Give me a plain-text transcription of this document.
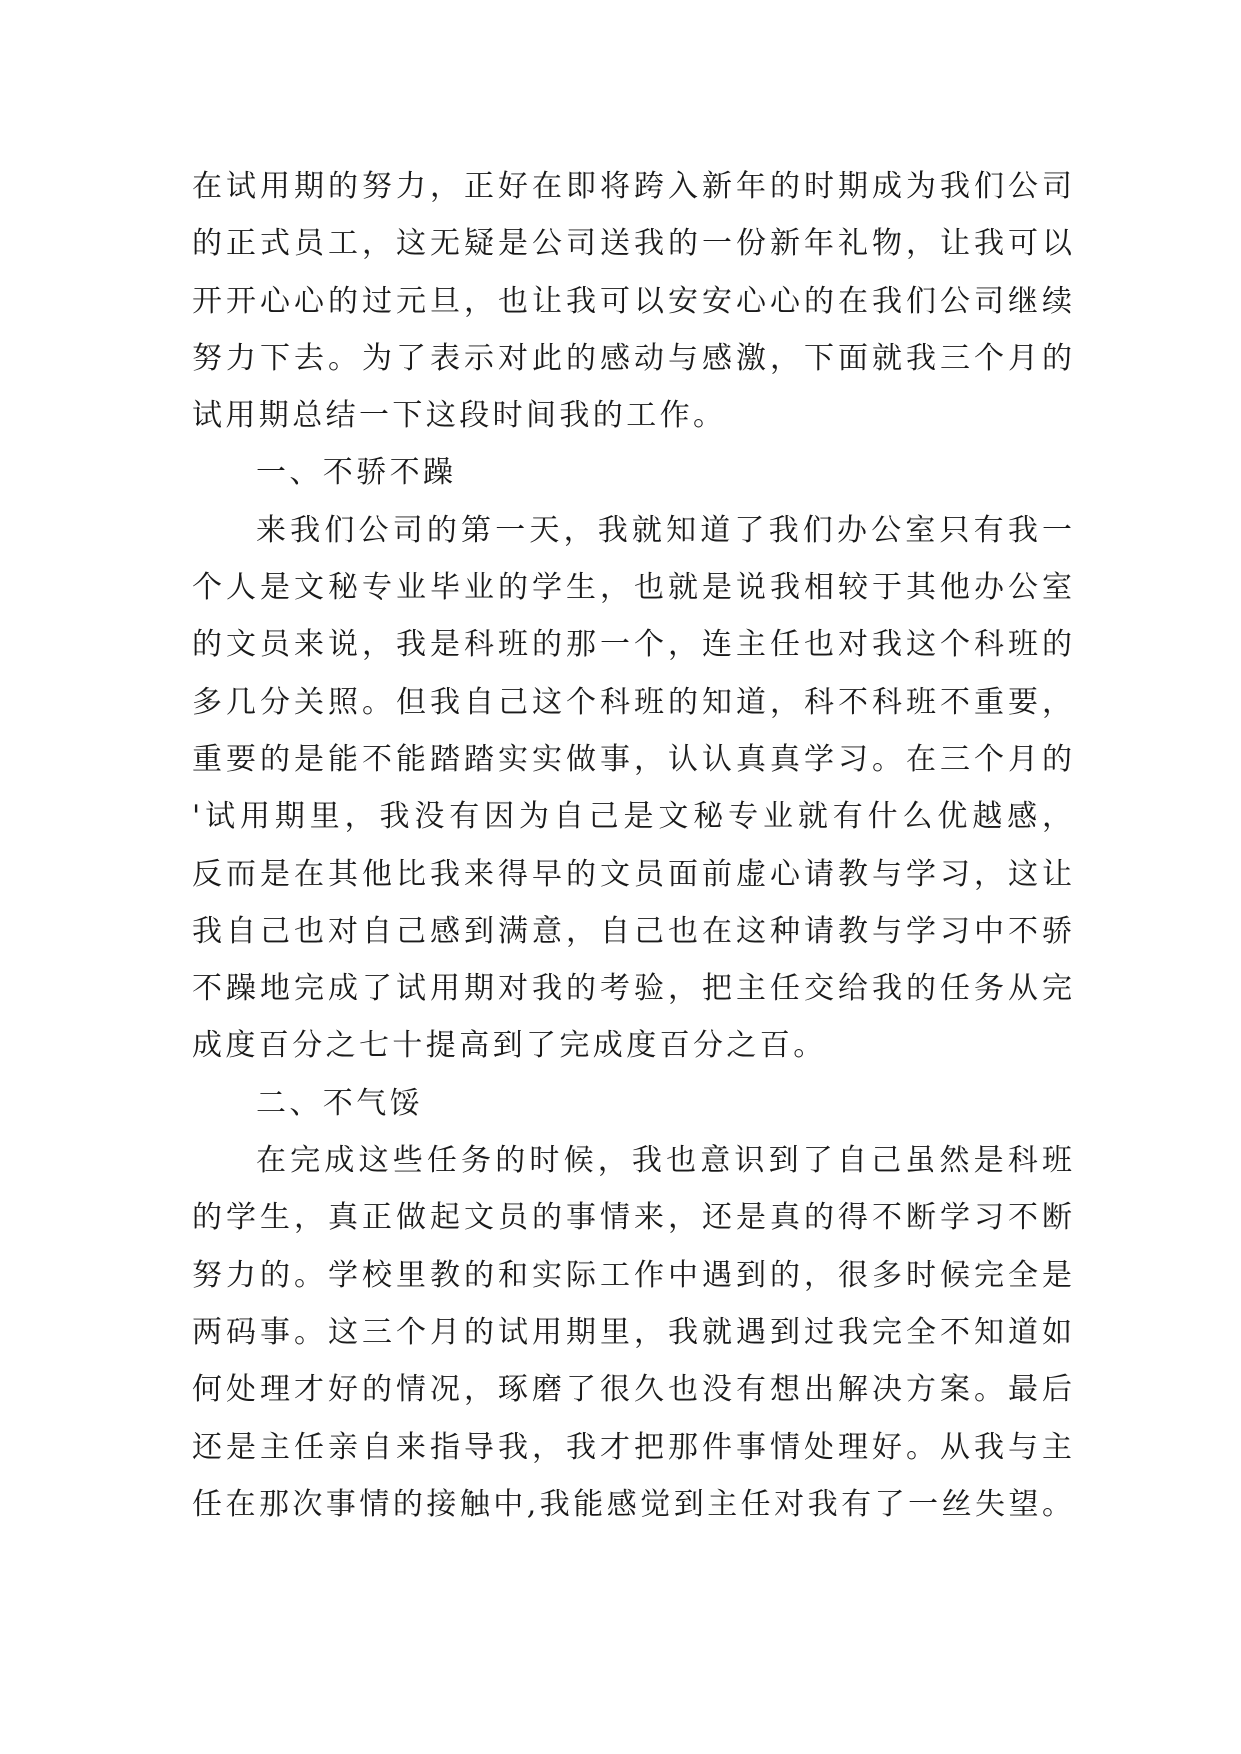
在试用期的努力，正好在即将跨入新年的时期成为我们公司
的正式员工，这无疑是公司送我的一份新年礼物，让我可以
开开心心的过元旦，也让我可以安安心心的在我们公司继续
努力下去。为了表示对此的感动与感激，下面就我三个月的
试用期总结一下这段时间我的工作。
一、不骄不躁
来我们公司的第一天，我就知道了我们办公室只有我一
个人是文秘专业毕业的学生，也就是说我相较于其他办公室
的文员来说，我是科班的那一个，连主任也对我这个科班的
多几分关照。但我自己这个科班的知道，科不科班不重要，
重要的是能不能踏踏实实做事，认认真真学习。在三个月的
'试用期里，我没有因为自己是文秘专业就有什么优越感，
反而是在其他比我来得早的文员面前虚心请教与学习，这让
我自己也对自己感到满意，自己也在这种请教与学习中不骄
不躁地完成了试用期对我的考验，把主任交给我的任务从完
成度百分之七十提高到了完成度百分之百。
二、不气馁
在完成这些任务的时候，我也意识到了自己虽然是科班
的学生，真正做起文员的事情来，还是真的得不断学习不断
努力的。学校里教的和实际工作中遇到的，很多时候完全是
两码事。这三个月的试用期里，我就遇到过我完全不知道如
何处理才好的情况，琢磨了很久也没有想出解决方案。最后
还是主任亲自来指导我，我才把那件事情处理好。从我与主
任在那次事情的接触中,我能感觉到主任对我有了一丝失望。
